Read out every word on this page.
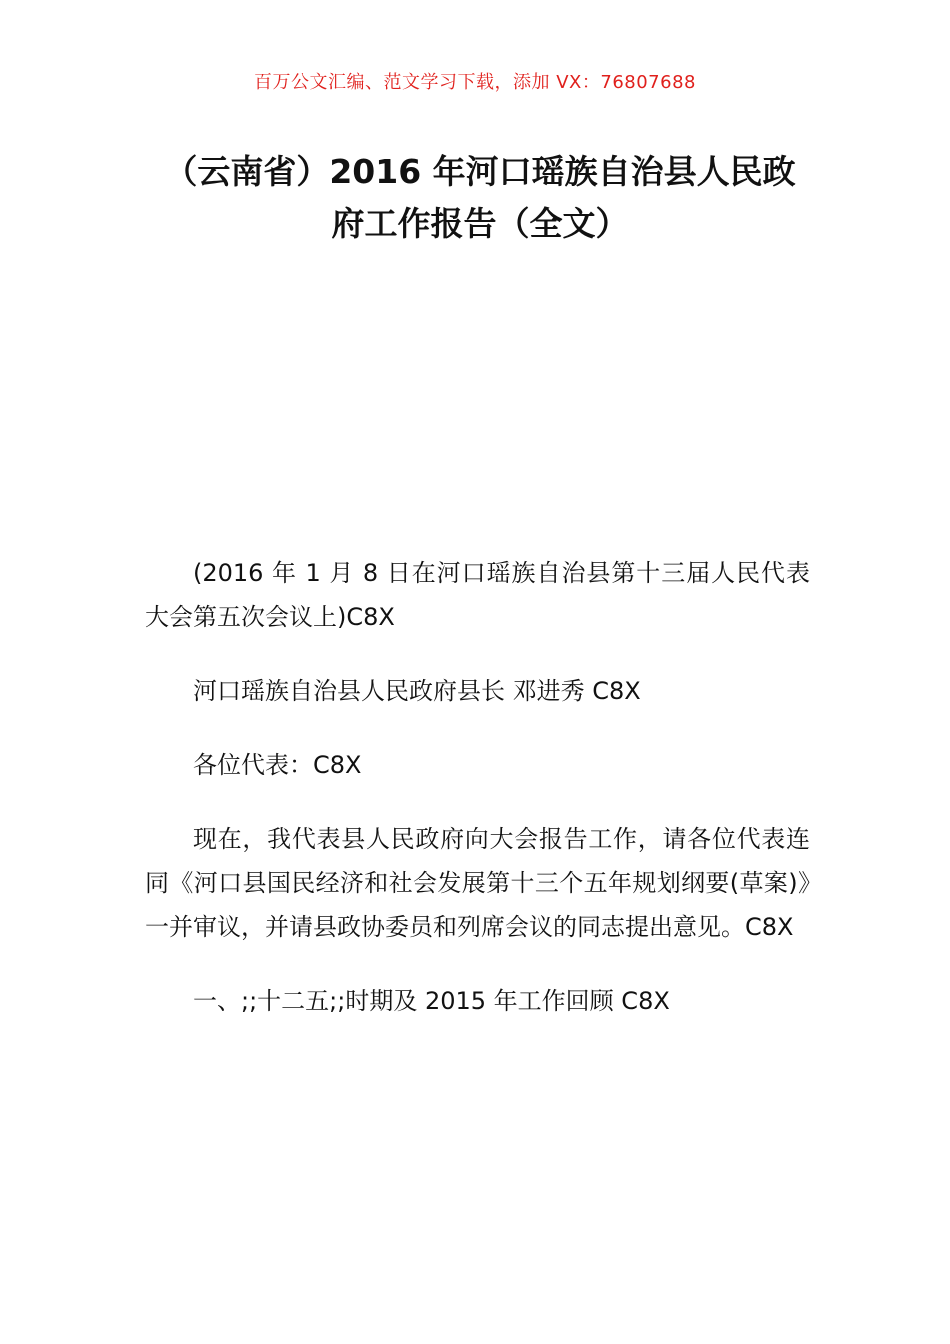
百万公文汇编、范文学习下载，添加 VX：76807688
（云南省）2016 年河口瑶族自治县人民政
府工作报告（全文）

(2016 年 1 月 8 日在河口瑶族自治县第十三届人民代表大会第五次会议上)C8X

河口瑶族自治县人民政府县长 邓进秀 C8X

各位代表：C8X

现在，我代表县人民政府向大会报告工作，请各位代表连同《河口县国民经济和社会发展第十三个五年规划纲要(草案)》一并审议，并请县政协委员和列席会议的同志提出意见。C8X

一、;;十二五;;时期及 2015 年工作回顾 C8X
